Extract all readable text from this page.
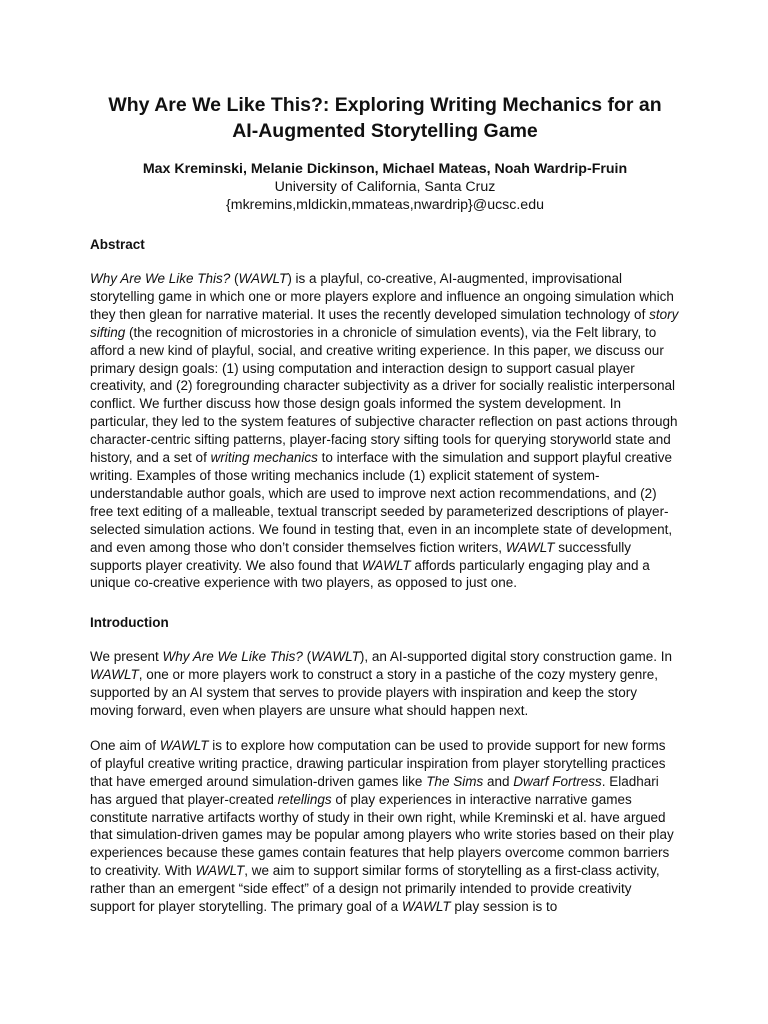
Why Are We Like This?: Exploring Writing Mechanics for an
AI-Augmented Storytelling Game
Max Kreminski, Melanie Dickinson, Michael Mateas, Noah Wardrip-Fruin
University of California, Santa Cruz
{mkremins,mldickin,mmateas,nwardrip}@ucsc.edu
Abstract

Why Are We Like This? (WAWLT) is a playful, co-creative, AI-augmented, improvisational storytelling game in which one or more players explore and influence an ongoing simulation which they then glean for narrative material. It uses the recently developed simulation technology of story sifting (the recognition of microstories in a chronicle of simulation events), via the Felt library, to afford a new kind of playful, social, and creative writing experience. In this paper, we discuss our primary design goals: (1) using computation and interaction design to support casual player creativity, and (2) foregrounding character subjectivity as a driver for socially realistic interpersonal conflict. We further discuss how those design goals informed the system development. In particular, they led to the system features of subjective character reflection on past actions through character-centric sifting patterns, player-facing story sifting tools for querying storyworld state and history, and a set of writing mechanics to interface with the simulation and support playful creative writing. Examples of those writing mechanics include (1) explicit statement of system-understandable author goals, which are used to improve next action recommendations, and (2) free text editing of a malleable, textual transcript seeded by parameterized descriptions of player-selected simulation actions. We found in testing that, even in an incomplete state of development, and even among those who don’t consider themselves fiction writers, WAWLT successfully supports player creativity. We also found that WAWLT affords particularly engaging play and a unique co-creative experience with two players, as opposed to just one.

Introduction

We present Why Are We Like This? (WAWLT), an AI-supported digital story construction game. In WAWLT, one or more players work to construct a story in a pastiche of the cozy mystery genre, supported by an AI system that serves to provide players with inspiration and keep the story moving forward, even when players are unsure what should happen next.

One aim of WAWLT is to explore how computation can be used to provide support for new forms of playful creative writing practice, drawing particular inspiration from player storytelling practices that have emerged around simulation-driven games like The Sims and Dwarf Fortress. Eladhari has argued that player-created retellings of play experiences in interactive narrative games constitute narrative artifacts worthy of study in their own right, while Kreminski et al. have argued that simulation-driven games may be popular among players who write stories based on their play experiences because these games contain features that help players overcome common barriers to creativity. With WAWLT, we aim to support similar forms of storytelling as a first-class activity, rather than an emergent “side effect” of a design not primarily intended to provide creativity support for player storytelling. The primary goal of a WAWLT play session is to
